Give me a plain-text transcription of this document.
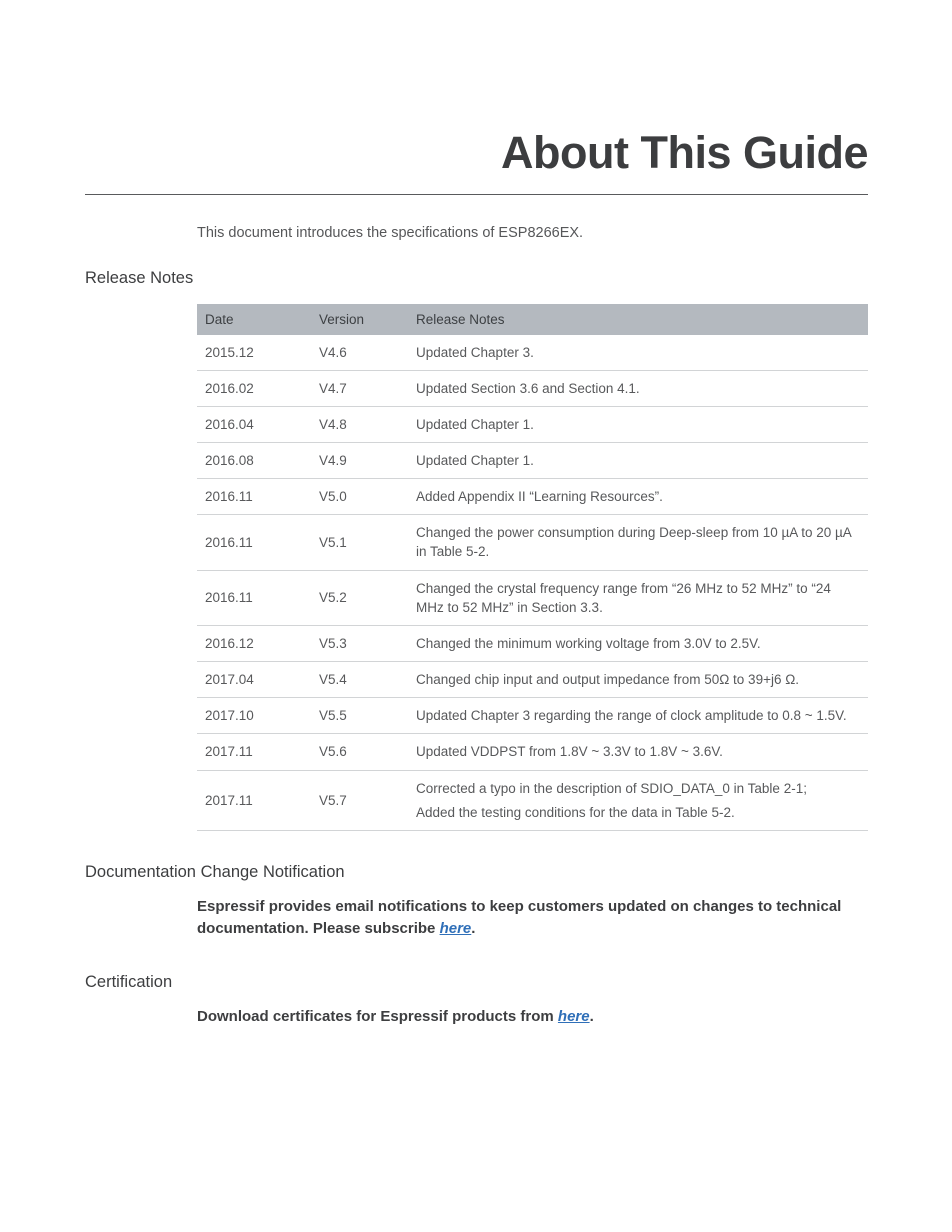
About This Guide

This document introduces the specifications of ESP8266EX.

Release Notes
Date	Version	Release Notes
2015.12	V4.6	Updated Chapter 3.

2016.02	V4.7	Updated Section 3.6 and Section 4.1.

2016.04	V4.8	Updated Chapter 1.

2016.08	V4.9	Updated Chapter 1.

2016.11	V5.0	Added Appendix II “Learning Resources”.

2016.11	V5.1	Changed the power consumption during Deep-sleep from 10 µA to 20 µA in Table 5-2.

2016.11	V5.2	Changed the crystal frequency range from “26 MHz to 52 MHz” to “24 MHz to 52 MHz” in Section 3.3.

2016.12	V5.3	Changed the minimum working voltage from 3.0V to 2.5V.

2017.04	V5.4	Changed chip input and output impedance from 50Ω to 39+j6 Ω.

2017.10	V5.5	Updated Chapter 3 regarding the range of clock amplitude to 0.8 ~ 1.5V.

2017.11	V5.6	Updated VDDPST from 1.8V ~ 3.3V to 1.8V ~ 3.6V.

2017.11	V5.7	Corrected a typo in the description of SDIO_DATA_0 in Table 2-1;
Added the testing conditions for the data in Table 5-2.
Documentation Change Notification

Espressif provides email notifications to keep customers updated on changes to technical documentation. Please subscribe here.

Certification

Download certificates for Espressif products from here.
